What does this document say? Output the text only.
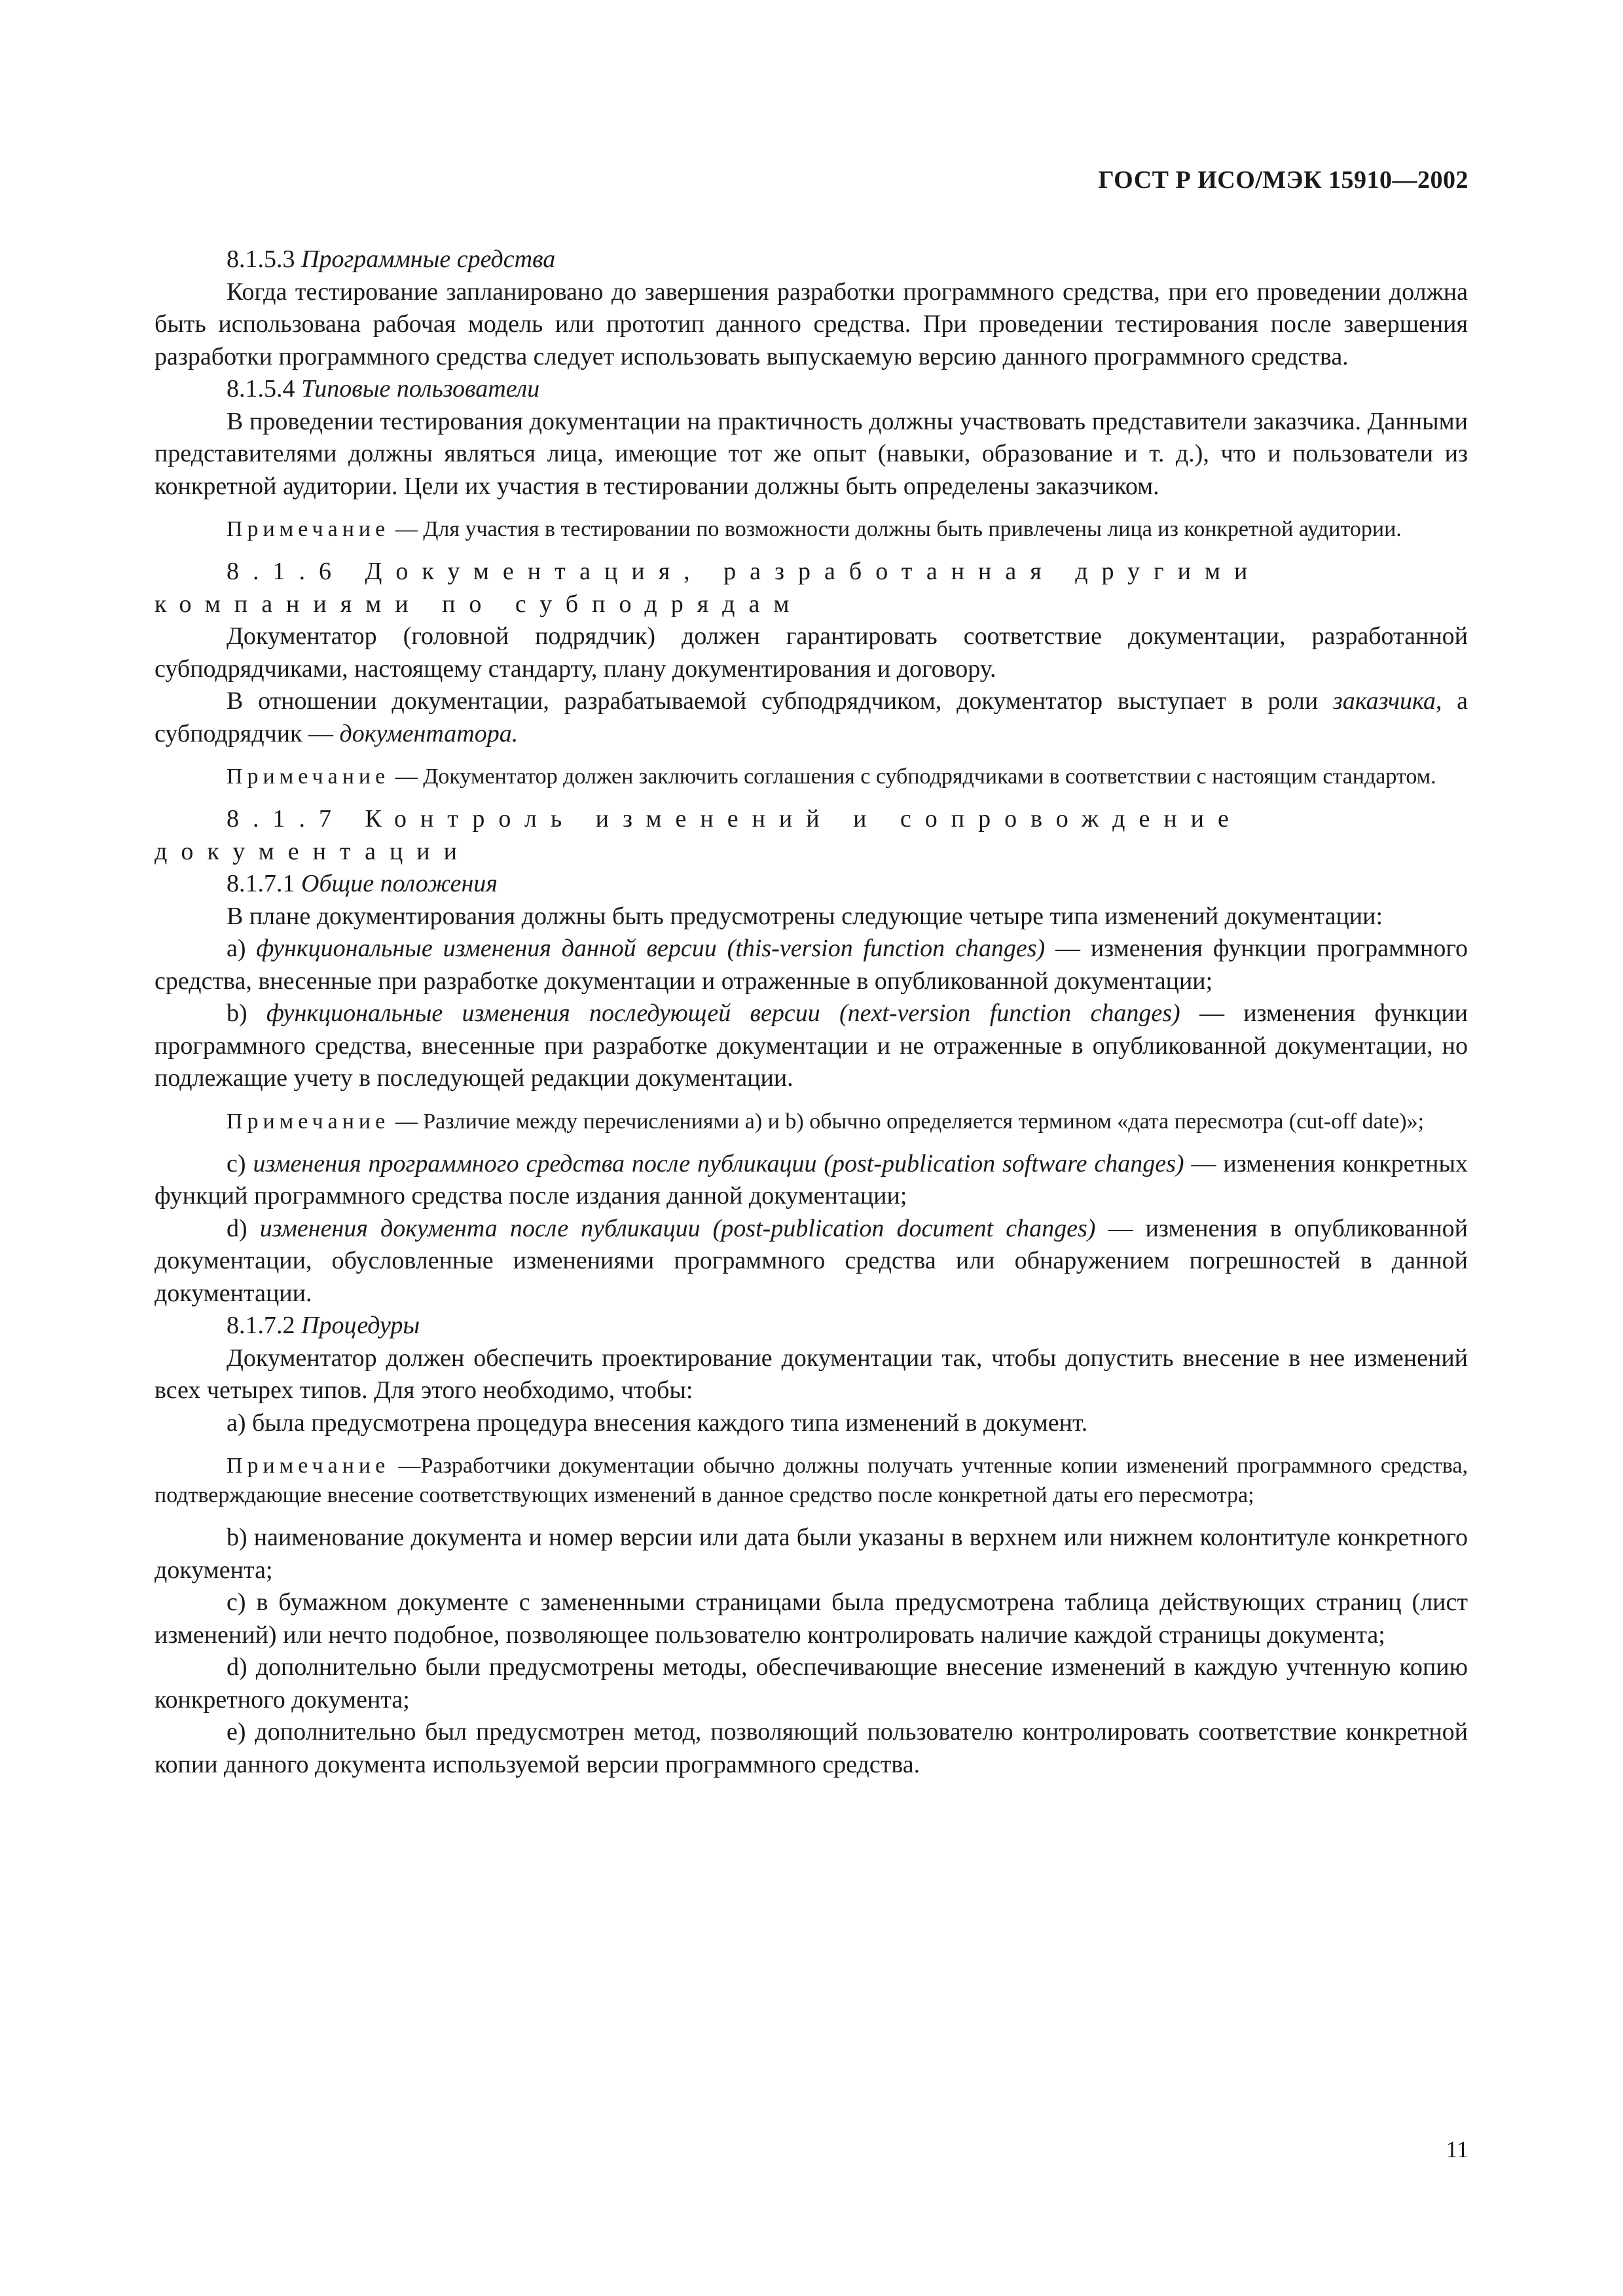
ГОСТ Р ИСО/МЭК 15910—2002

8.1.5.3 Программные средства

Когда тестирование запланировано до завершения разработки программного средства, при его проведении должна быть использована рабочая модель или прототип данного средства. При проведении тестирования после завершения разработки программного средства следует использовать выпускаемую версию данного программного средства.

8.1.5.4 Типовые пользователи

В проведении тестирования документации на практичность должны участвовать представители заказчика. Данными представителями должны являться лица, имеющие тот же опыт (навыки, образование и т. д.), что и пользователи из конкретной аудитории. Цели их участия в тестировании должны быть определены заказчиком.

Примечание — Для участия в тестировании по возможности должны быть привлечены лица из конкретной аудитории.

8.1.6 Документация, разработанная другими компаниями по субподрядам

Документатор (головной подрядчик) должен гарантировать соответствие документации, разработанной субподрядчиками, настоящему стандарту, плану документирования и договору.

В отношении документации, разрабатываемой субподрядчиком, документатор выступает в роли заказчика, а субподрядчик — документатора.

Примечание — Документатор должен заключить соглашения с субподрядчиками в соответствии с настоящим стандартом.

8.1.7 Контроль изменений и сопровождение документации

8.1.7.1 Общие положения

В плане документирования должны быть предусмотрены следующие четыре типа изменений документации:

a) функциональные изменения данной версии (this-version function changes) — изменения функции программного средства, внесенные при разработке документации и отраженные в опубликованной документации;

b) функциональные изменения последующей версии (next-version function changes) — изменения функции программного средства, внесенные при разработке документации и не отраженные в опубликованной документации, но подлежащие учету в последующей редакции документации.

Примечание — Различие между перечислениями a) и b) обычно определяется термином «дата пересмотра (cut-off date)»;

c) изменения программного средства после публикации (post-publication software changes) — изменения конкретных функций программного средства после издания данной документации;

d) изменения документа после публикации (post-publication document changes) — изменения в опубликованной документации, обусловленные изменениями программного средства или обнаружением погрешностей в данной документации.

8.1.7.2 Процедуры

Документатор должен обеспечить проектирование документации так, чтобы допустить внесение в нее изменений всех четырех типов. Для этого необходимо, чтобы:

a) была предусмотрена процедура внесения каждого типа изменений в документ.

Примечание —Разработчики документации обычно должны получать учтенные копии изменений программного средства, подтверждающие внесение соответствующих изменений в данное средство после конкретной даты его пересмотра;

b) наименование документа и номер версии или дата были указаны в верхнем или нижнем колонтитуле конкретного документа;

c) в бумажном документе с замененными страницами была предусмотрена таблица действующих страниц (лист изменений) или нечто подобное, позволяющее пользователю контролировать наличие каждой страницы документа;

d) дополнительно были предусмотрены методы, обеспечивающие внесение изменений в каждую учтенную копию конкретного документа;

e) дополнительно был предусмотрен метод, позволяющий пользователю контролировать соответствие конкретной копии данного документа используемой версии программного средства.

11
